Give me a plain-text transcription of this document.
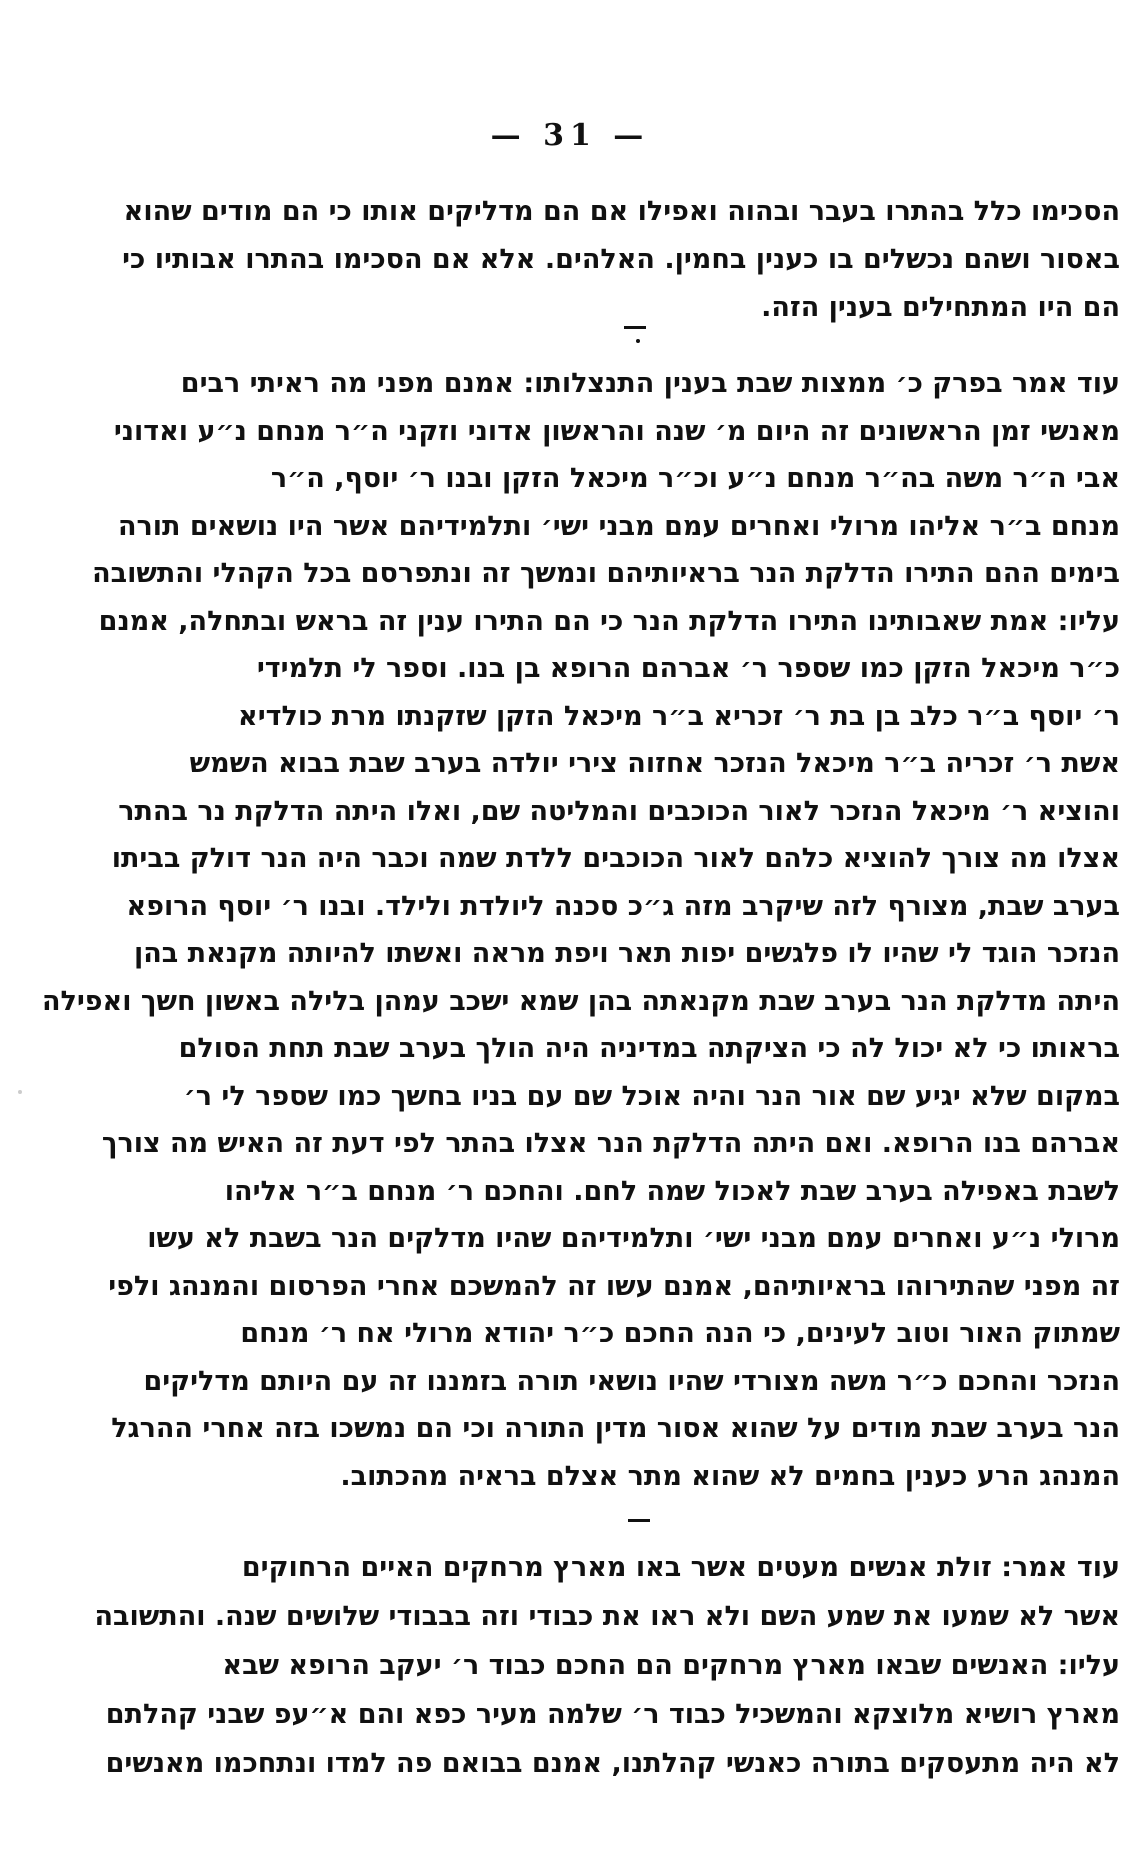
— 31 —
הסכימו כלל בהתרו בעבר ובהוה ואפילו אם הם מדליקים אותו כי הם מודים שהוא
באסור ושהם נכשלים בו כענין בחמין. האלהים. אלא אם הסכימו בהתרו אבותיו כי
הם היו המתחילים בענין הזה.
עוד אמר בפרק כ׳ ממצות שבת בענין התנצלותו: אמנם מפני מה ראיתי רבים
מאנשי זמן הראשונים זה היום מ׳ שנה והראשון אדוני וזקני ה״ר מנחם נ״ע ואדוני
אבי ה״ר משה בה״ר מנחם נ״ע וכ״ר מיכאל הזקן ובנו ר׳ יוסף, ה״ר
מנחם ב״ר אליהו מרולי ואחרים עמם מבני ישי׳ ותלמידיהם אשר היו נושאים תורה
בימים ההם התירו הדלקת הנר בראיותיהם ונמשך זה ונתפרסם בכל הקהלי והתשובה
עליו: אמת שאבותינו התירו הדלקת הנר כי הם התירו ענין זה בראש ובתחלה, אמנם
כ״ר מיכאל הזקן כמו שספר ר׳ אברהם הרופא בן בנו. וספר לי תלמידי
ר׳ יוסף ב״ר כלב בן בת ר׳ זכריא ב״ר מיכאל הזקן שזקנתו מרת כולדיא
אשת ר׳ זכריה ב״ר מיכאל הנזכר אחזוה צירי יולדה בערב שבת בבוא השמש
והוציא ר׳ מיכאל הנזכר לאור הכוכבים והמליטה שם, ואלו היתה הדלקת נר בהתר
אצלו מה צורך להוציא כלהם לאור הכוכבים ללדת שמה וכבר היה הנר דולק בביתו
בערב שבת, מצורף לזה שיקרב מזה ג״כ סכנה ליולדת ולילד. ובנו ר׳ יוסף הרופא
הנזכר הוגד לי שהיו לו פלגשים יפות תאר ויפת מראה ואשתו להיותה מקנאת בהן
היתה מדלקת הנר בערב שבת מקנאתה בהן שמא ישכב עמהן בלילה באשון חשך ואפילה
בראותו כי לא יכול לה כי הציקתה במדיניה היה הולך בערב שבת תחת הסולם
במקום שלא יגיע שם אור הנר והיה אוכל שם עם בניו בחשך כמו שספר לי ר׳
אברהם בנו הרופא. ואם היתה הדלקת הנר אצלו בהתר לפי דעת זה האיש מה צורך
לשבת באפילה בערב שבת לאכול שמה לחם. והחכם ר׳ מנחם ב״ר אליהו
מרולי נ״ע ואחרים עמם מבני ישי׳ ותלמידיהם שהיו מדלקים הנר בשבת לא עשו
זה מפני שהתירוהו בראיותיהם, אמנם עשו זה להמשכם אחרי הפרסום והמנהג ולפי
שמתוק האור וטוב לעינים, כי הנה החכם כ״ר יהודא מרולי אח ר׳ מנחם
הנזכר והחכם כ״ר משה מצורדי שהיו נושאי תורה בזמננו זה עם היותם מדליקים
הנר בערב שבת מודים על שהוא אסור מדין התורה וכי הם נמשכו בזה אחרי ההרגל
המנהג הרע כענין בחמים לא שהוא מתר אצלם בראיה מהכתוב.
עוד אמר: זולת אנשים מעטים אשר באו מארץ מרחקים האיים הרחוקים
אשר לא שמעו את שמע השם ולא ראו את כבודי וזה בבבודי שלושים שנה. והתשובה
עליו: האנשים שבאו מארץ מרחקים הם החכם כבוד ר׳ יעקב הרופא שבא
מארץ רושיא מלוצקא והמשכיל כבוד ר׳ שלמה מעיר כפא והם א״עפ שבני קהלתם
לא היה מתעסקים בתורה כאנשי קהלתנו, אמנם בבואם פה למדו ונתחכמו מאנשים
